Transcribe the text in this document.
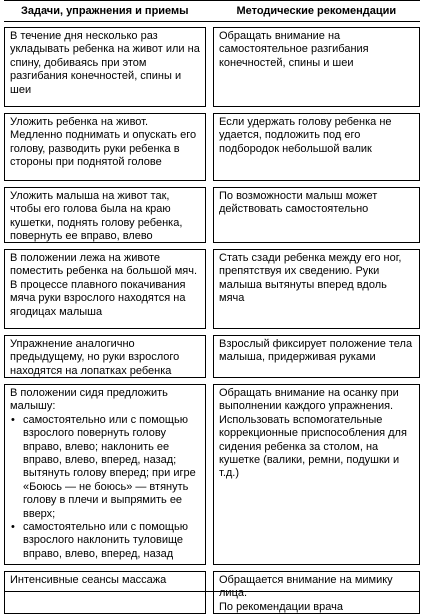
Задачи, упражнения и приемы	Методические рекомендации
В течение дня несколько раз укладывать ребенка на живот или на спину, добиваясь при этом разгибания конечностей, спины и шеи
Обращать внимание на самостоятельное разгибания конечностей, спины и шеи
Уложить ребенка на живот. Медленно поднимать и опускать его голову, разводить руки ребенка в стороны при поднятой голове
Если удержать голову ребенка не удается, подложить под его подбородок небольшой валик
Уложить малыша на живот так, чтобы его голова была на краю кушетки, поднять голову ребенка, повернуть ее вправо, влево
По возможности малыш может действовать самостоятельно
В положении лежа на животе поместить ребенка на большой мяч. В процессе плавного покачивания мяча руки взрослого находятся на ягодицах малыша
Стать сзади ребенка между его ног, препятствуя их сведению. Руки малыша вытянуты вперед вдоль мяча
Упражнение аналогично предыдущему, но руки взрослого находятся на лопатках ребенка
Взрослый фиксирует положение тела малыша, придерживая руками

В положении сидя предложить малышу:

• самостоятельно или с помощью взрослого повернуть голову вправо, влево; наклонить ее вправо, влево, вперед, назад; вытянуть голову вперед; при игре «Боюсь — не боюсь» — втянуть голову в плечи и выпрямить ее вверх;
• самостоятельно или с помощью взрослого наклонить туловище вправо, влево, вперед, назад

Обращать внимание на осанку при выполнении каждого упражнения.

Использовать вспомогательные коррекционные приспособления для сидения ребенка за столом, на кушетке (валики, ремни, подушки и т.д.)

Интенсивные сеансы массажа	Обращается внимание на мимику лица.

По рекомендации врача
